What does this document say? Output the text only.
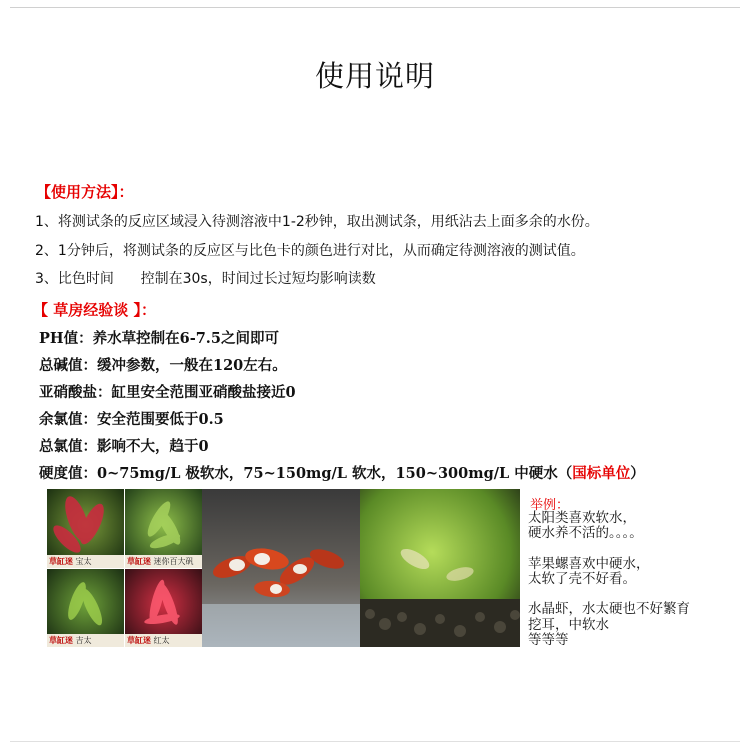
使用说明
【使用方法】：
1、将测试条的反应区域浸入待测溶液中1-2秒钟，取出测试条，用纸沾去上面多余的水份。
2、1分钟后，将测试条的反应区与比色卡的颜色进行对比，从而确定待测溶液的测试值。
3、比色时间      控制在30s，时间过长过短均影响读数
【 草房经验谈 】：
PH值：养水草控制在6-7.5之间即可
总碱值：缓冲参数，一般在120左右。
亚硝酸盐：缸里安全范围亚硝酸盐接近0
余氯值：安全范围要低于0.5
总氯值：影响不大，趋于0
硬度值：0~75mg/L 极软水，75~150mg/L 软水，150~300mg/L 中硬水（国标单位）
草缸迷 宝太	草缸迷 迷你百大矾
草缸迷 吉太	草缸迷 红太
举例：
太阳类喜欢软水，
硬水养不活的。。。。
苹果螺喜欢中硬水，
太软了壳不好看。
水晶虾，水太硬也不好繁育
挖耳，中软水
等等等
